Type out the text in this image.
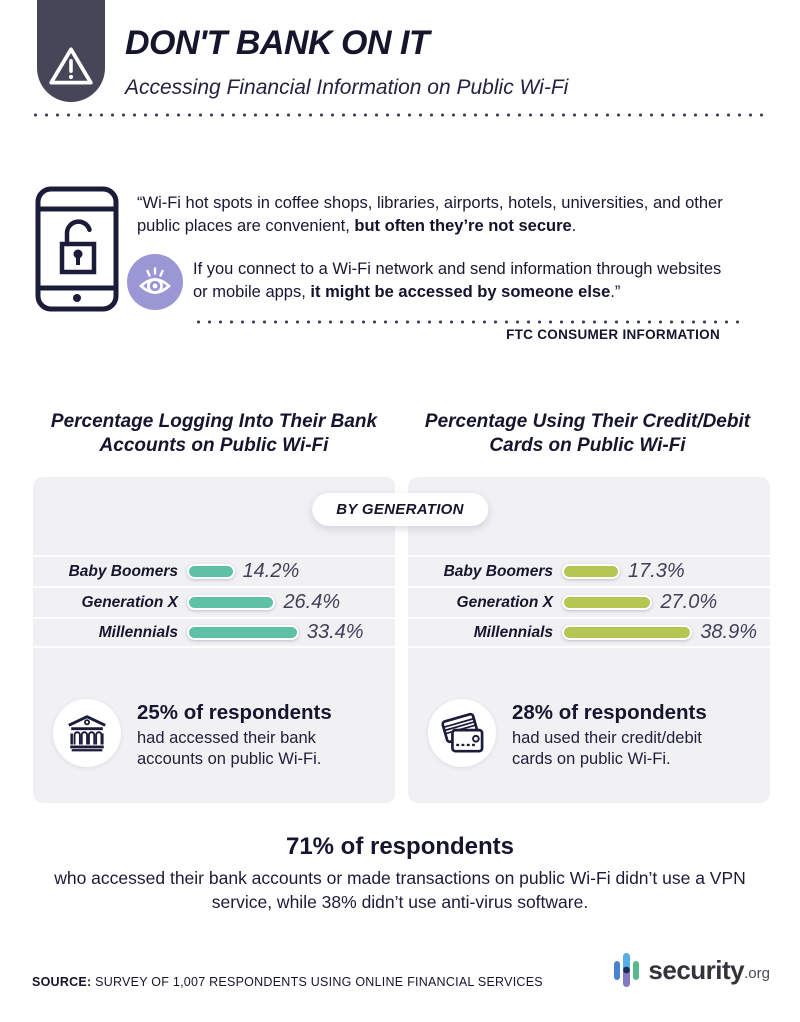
DON'T BANK ON IT
Accessing Financial Information on Public Wi-Fi

“Wi-Fi hot spots in coffee shops, libraries, airports, hotels, universities, and other public places are convenient, but often they’re not secure.

If you connect to a Wi-Fi network and send information through websites or mobile apps, it might be accessed by someone else.”

FTC CONSUMER INFORMATION
Percentage Logging Into Their Bank Accounts on Public Wi-Fi
Percentage Using Their Credit/Debit Cards on Public Wi-Fi
Baby Boomers	14.2%
Generation X	26.4%
Millennials	33.4%
25% of respondents
had accessed their bank accounts on public Wi-Fi.
Baby Boomers	17.3%
Generation X	27.0%
Millennials	38.9%
28% of respondents
had used their credit/debit cards on public Wi-Fi.
BY GENERATION
71% of respondents
who accessed their bank accounts or made transactions on public Wi-Fi didn’t use a VPN service, while 38% didn’t use anti-virus software.
SOURCE: SURVEY OF 1,007 RESPONDENTS USING ONLINE FINANCIAL SERVICES	security .org
